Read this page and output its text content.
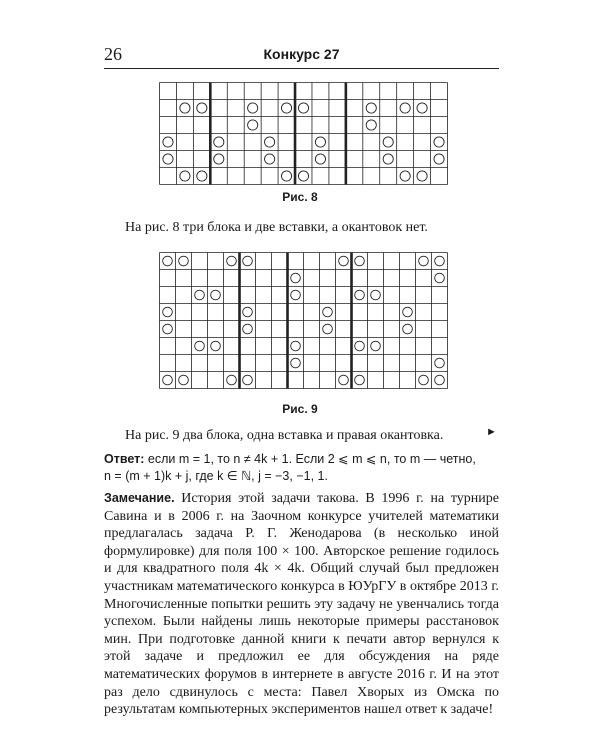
26	Конкурс 27
Рис. 8
На рис. 8 три блока и две вставки, а окантовок нет.
Рис. 9
На рис. 9 два блока, одна вставка и правая окантовка.	►
Ответ: если m = 1, то n ≠ 4k + 1. Если 2 ⩽ m ⩽ n, то m — четно,
n = (m + 1)k + j, где k ∈ ℕ, j = −3, −1, 1.
Замечание. История этой задачи такова. В 1996 г. на турнире Савина и в 2006 г. на Заочном конкурсе учителей математики предлагалась задача Р. Г. Женодарова (в несколько иной формулировке) для поля 100 × 100. Авторское решение годилось и для квадратного поля 4k × 4k. Общий случай был предложен участникам математического конкурса в ЮУрГУ в октябре 2013 г. Многочисленные попытки решить эту задачу не увенчались тогда успехом. Были найдены лишь некоторые примеры расстановок мин. При подготовке данной книги к печати автор вернулся к этой задаче и предложил ее для обсуждения на ряде математических форумов в интернете в августе 2016 г. И на этот раз дело сдвинулось с места: Павел Хворых из Омска по результатам компьютерных экспериментов нашел ответ к задаче!
